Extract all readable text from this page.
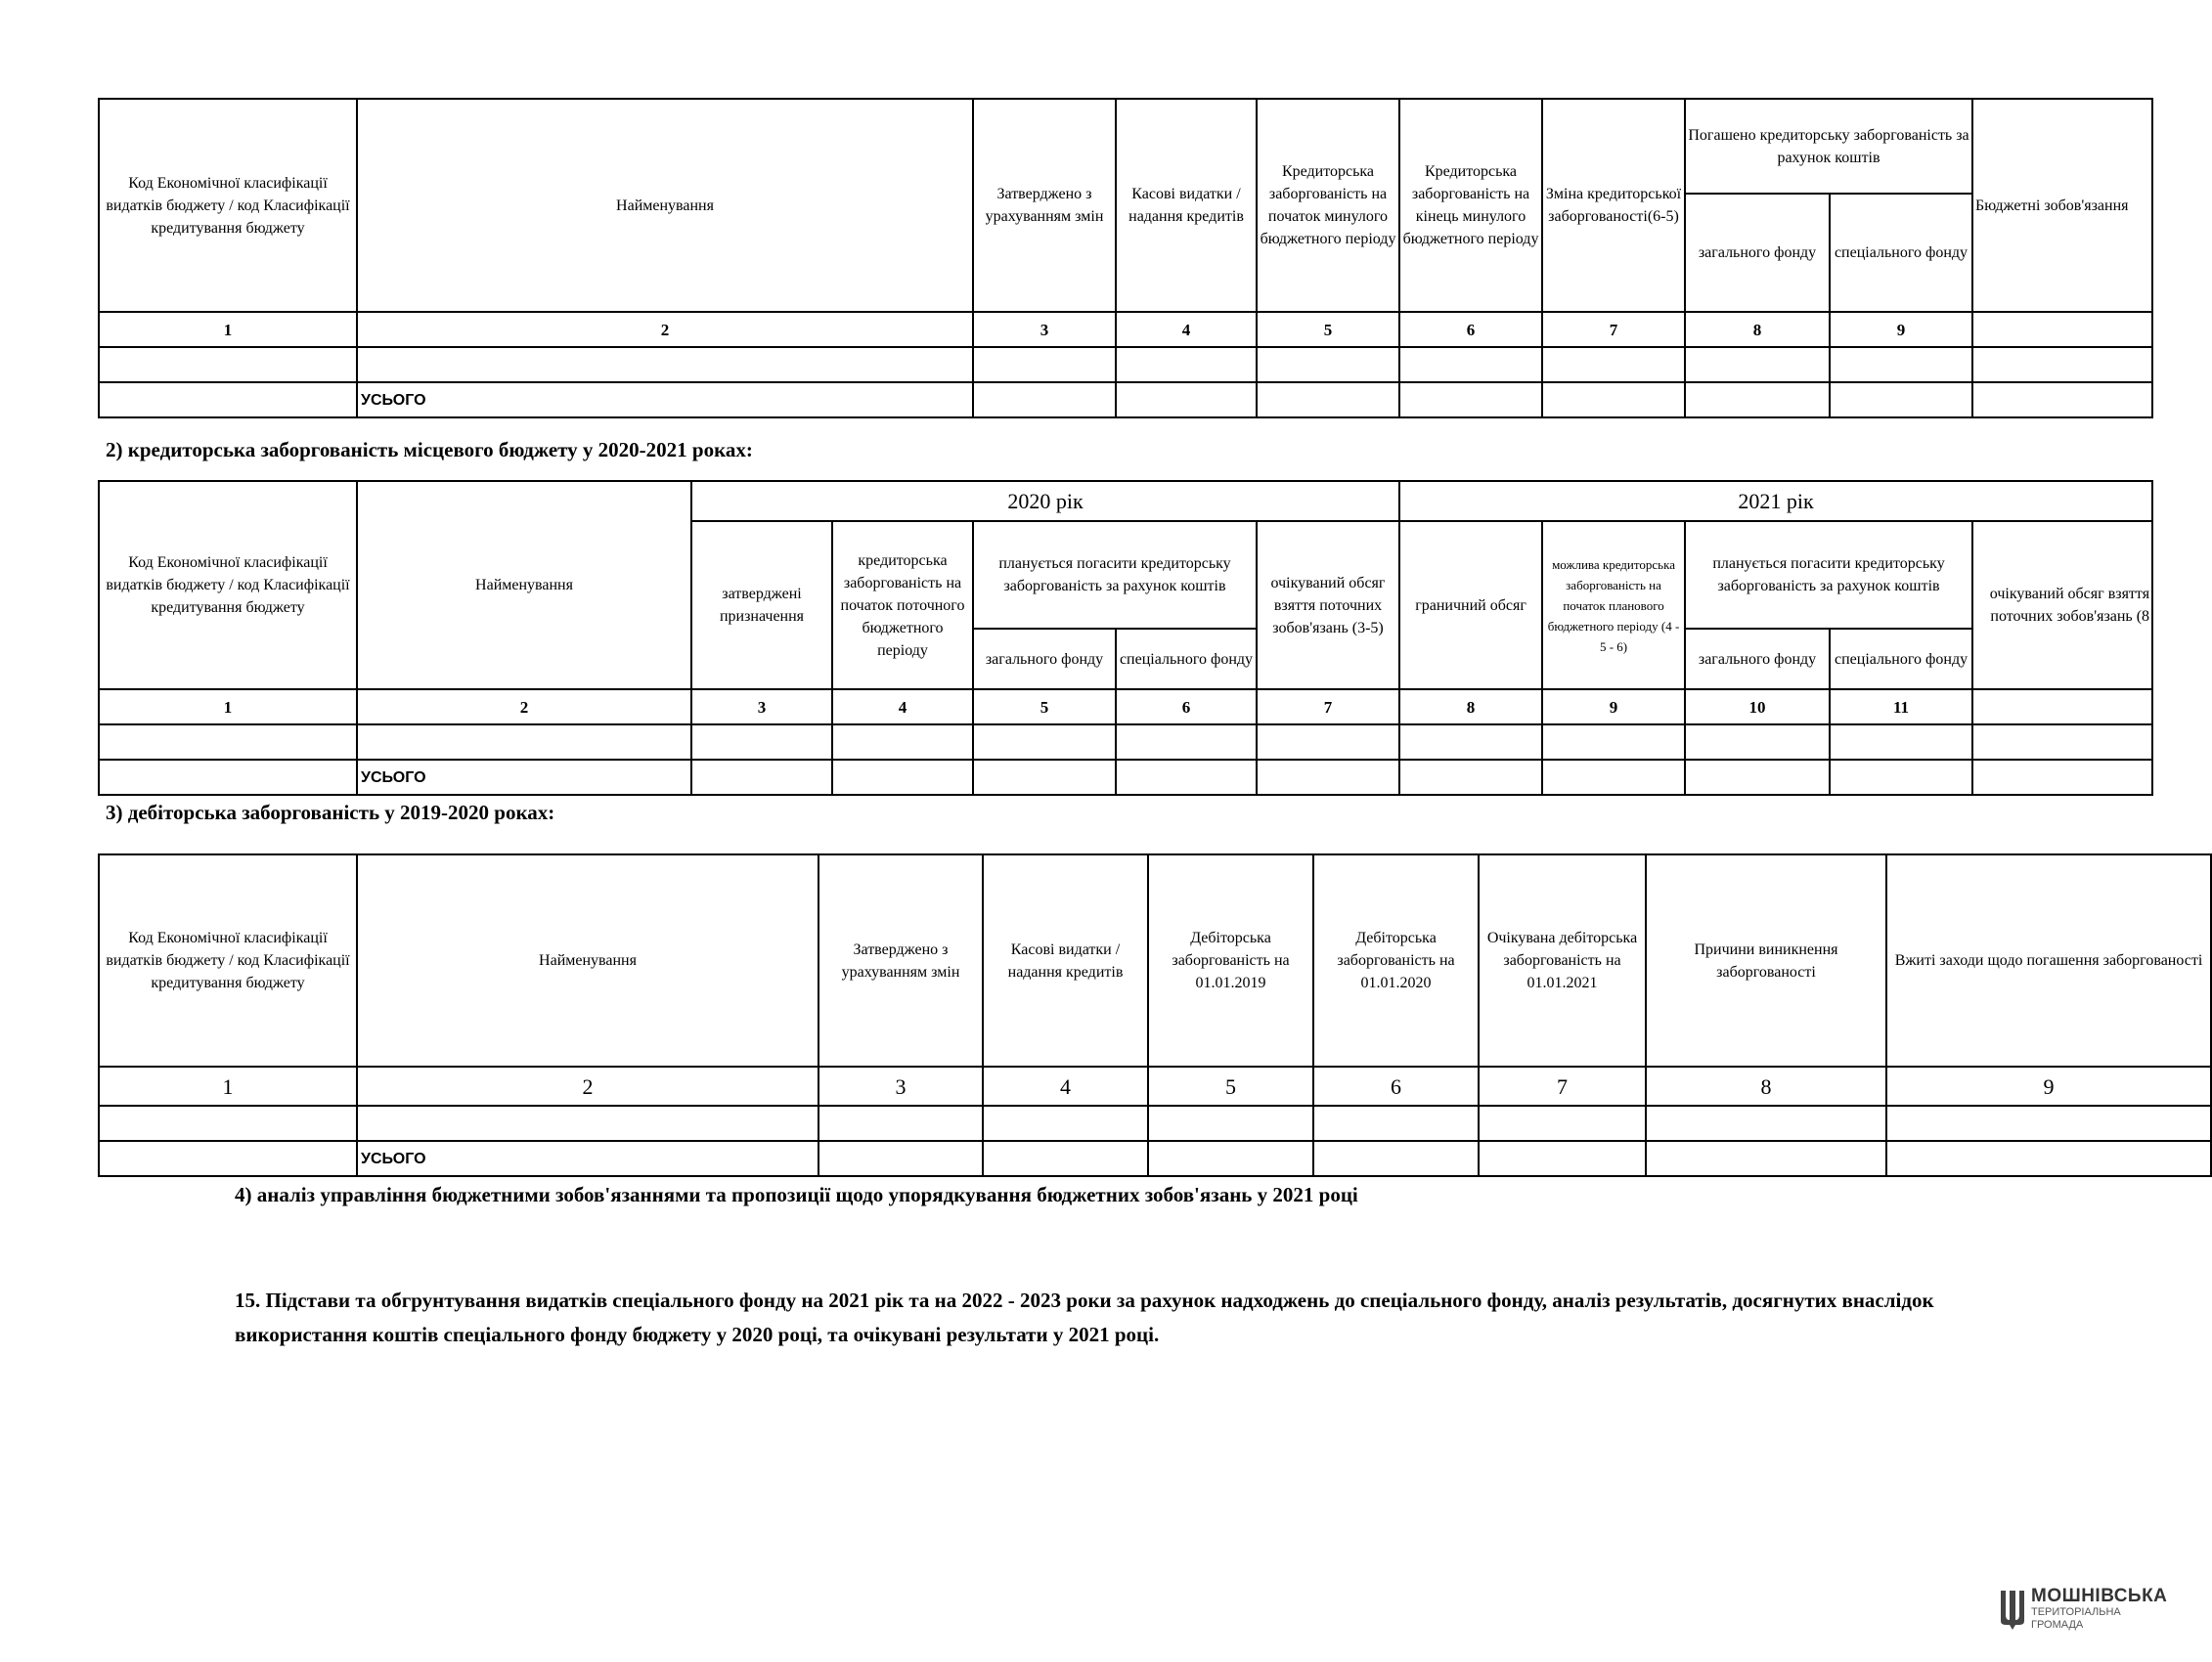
Код Економічної класифікації видатків бюджету / код Класифікації кредитування бюджету	Найменування	Затверджено з урахуванням змін	Касові видатки / надання кредитів	Кредиторська заборгованість на початок минулого бюджетного періоду	Кредиторська заборгованість на кінець минулого бюджетного періоду	Зміна кредиторської заборгованості(6-5)	Погашено кредиторську заборгованість за рахунок коштів		Бюджетні зобов'язання
							загального фонду	спеціального фонду	
1	2	3	4	5	6	7	8	9	

	УСЬОГО								
2) кредиторська заборгованість місцевого бюджету у 2020-2021 роках:
Код Економічної класифікації видатків бюджету / код Класифікації кредитування бюджету	Найменування	2020 рік					2021 рік				
		затверджені призначення	кредиторська заборгованість на початок поточного бюджетного періоду	планується погасити кредиторську заборгованість за рахунок коштів		очікуваний обсяг взяття поточних зобов'язань (3-5)	граничний обсяг	можлива кредиторська заборгованість на початок планового бюджетного періоду (4 - 5 - 6)	планується погасити кредиторську заборгованість за рахунок коштів		очікуваний обсяг взяття поточних зобов'язань (8
				загального фонду	спеціального фонду				загального фонду	спеціального фонду	
1	2	3	4	5	6	7	8	9	10	11	

	УСЬОГО										
3) дебіторська заборгованість у 2019-2020 роках:
Код Економічної класифікації видатків бюджету / код Класифікації кредитування бюджету	Найменування	Затверджено з урахуванням змін	Касові видатки / надання кредитів	Дебіторська заборгованість на 01.01.2019	Дебіторська заборгованість на 01.01.2020	Очікувана дебіторська заборгованість на 01.01.2021	Причини виникнення заборгованості	Вжиті заходи щодо погашення заборгованості
1	2	3	4	5	6	7	8	9

	УСЬОГО							
4) аналіз управління бюджетними зобов'язаннями та пропозиції щодо упорядкування бюджетних зобов'язань у 2021 році
15. Підстави та обгрунтування видатків спеціального фонду на 2021 рік та на 2022 - 2023 роки за рахунок надходжень до спеціального фонду, аналіз результатів, досягнутих внаслідок використання коштів спеціального фонду бюджету у 2020 році, та очікувані результати у 2021 році.
МОШНІВСЬКА
ТЕРИТОРІАЛЬНА
ГРОМАДА
